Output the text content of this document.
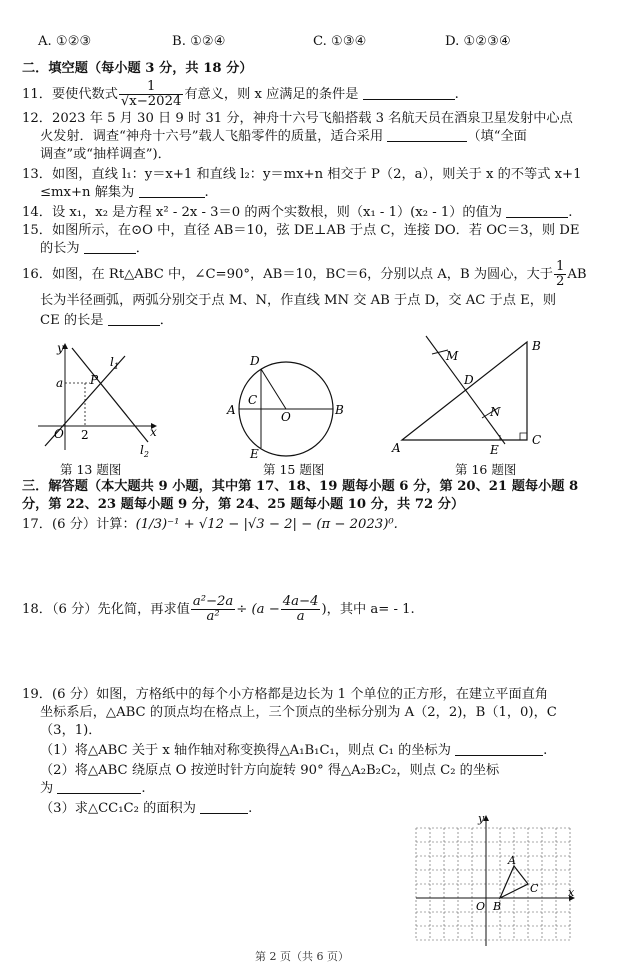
A. ①②③	B. ①②④	C. ①③④	D. ①②③④
二．填空题（每小题 3 分，共 18 分）
11．要使代数式 $\frac{1}{√x-2024}$ 有意义，则 x 应满足的条件是	.
12．2023 年 5 月 30 日 9 时 31 分，神舟十六号飞船搭载 3 名航天员在酒泉卫星发射中心点
火发射．调查“神舟十六号”载人飞船零件的质量，适合采用	（填“全面
调查”或“抽样调查”)．
13．如图，直线 l₁：y＝x+1 和直线 l₂：y＝mx+n 相交于 P（2，a），则关于 x 的不等式 x+1
≤mx+n 解集为	.
14．设 x₁，x₂ 是方程 x² - 2x - 3＝0 的两个实数根，则（x₁ - 1）(x₂ - 1）的值为	.
15．如图所示，在⊙O 中，直径 AB＝10，弦 DE⊥AB 于点 C，连接 DO．若 OC＝3，则 DE
的长为	．
16．如图，在 Rt△ABC 中，∠C=90°，AB＝10，BC＝6，分别以点 A，B 为圆心，大于 $\frac{1}{2}$ AB
长为半径画弧，两弧分别交于点 M、N，作直线 MN 交 AB 于点 D，交 AC 于点 E，则
CE 的长是	．
y
x
$l_1$
$l_2$
a P
O 2
第 13 题图
D
C
A	O	B
E
第 15 题图
M
B
D
N
A	E
C
第 16 题图
三．解答题（本大题共 9 小题，其中第 17、18、19 题每小题 6 分，第 20、21 题每小题 8
分，第 22、23 题每小题 9 分，第 24、25 题每小题 10 分，共 72 分）
17．(6 分）计算：(1/3)⁻¹ + √12 − |√3 − 2| − (π − 2023)⁰.
18．（6 分）先化简，再求值 $\frac{\text{a²−2a}}{\text{a²}} \div (a - \frac{4a-4}{a}$ )，其中 a= - 1.
19．(6 分）如图，方格纸中的每个小方格都是边长为 1 个单位的正方形，在建立平面直角
坐标系后，△ABC 的顶点均在格点上，三个顶点的坐标分别为 A（2，2)，B（1，0)，C
（3，1)．
（1）将△ABC 关于 x 轴作轴对称变换得△A₁B₁C₁，则点 C₁ 的坐标为	.
（2）将△ABC 绕原点 O 按逆时针方向旋转 90° 得△A₂B₂C₂，则点 C₂ 的坐标
为	.
（3）求△CC₁C₂ 的面积为	.
y
x
A
C
O B
第 2 页（共 6 页）
